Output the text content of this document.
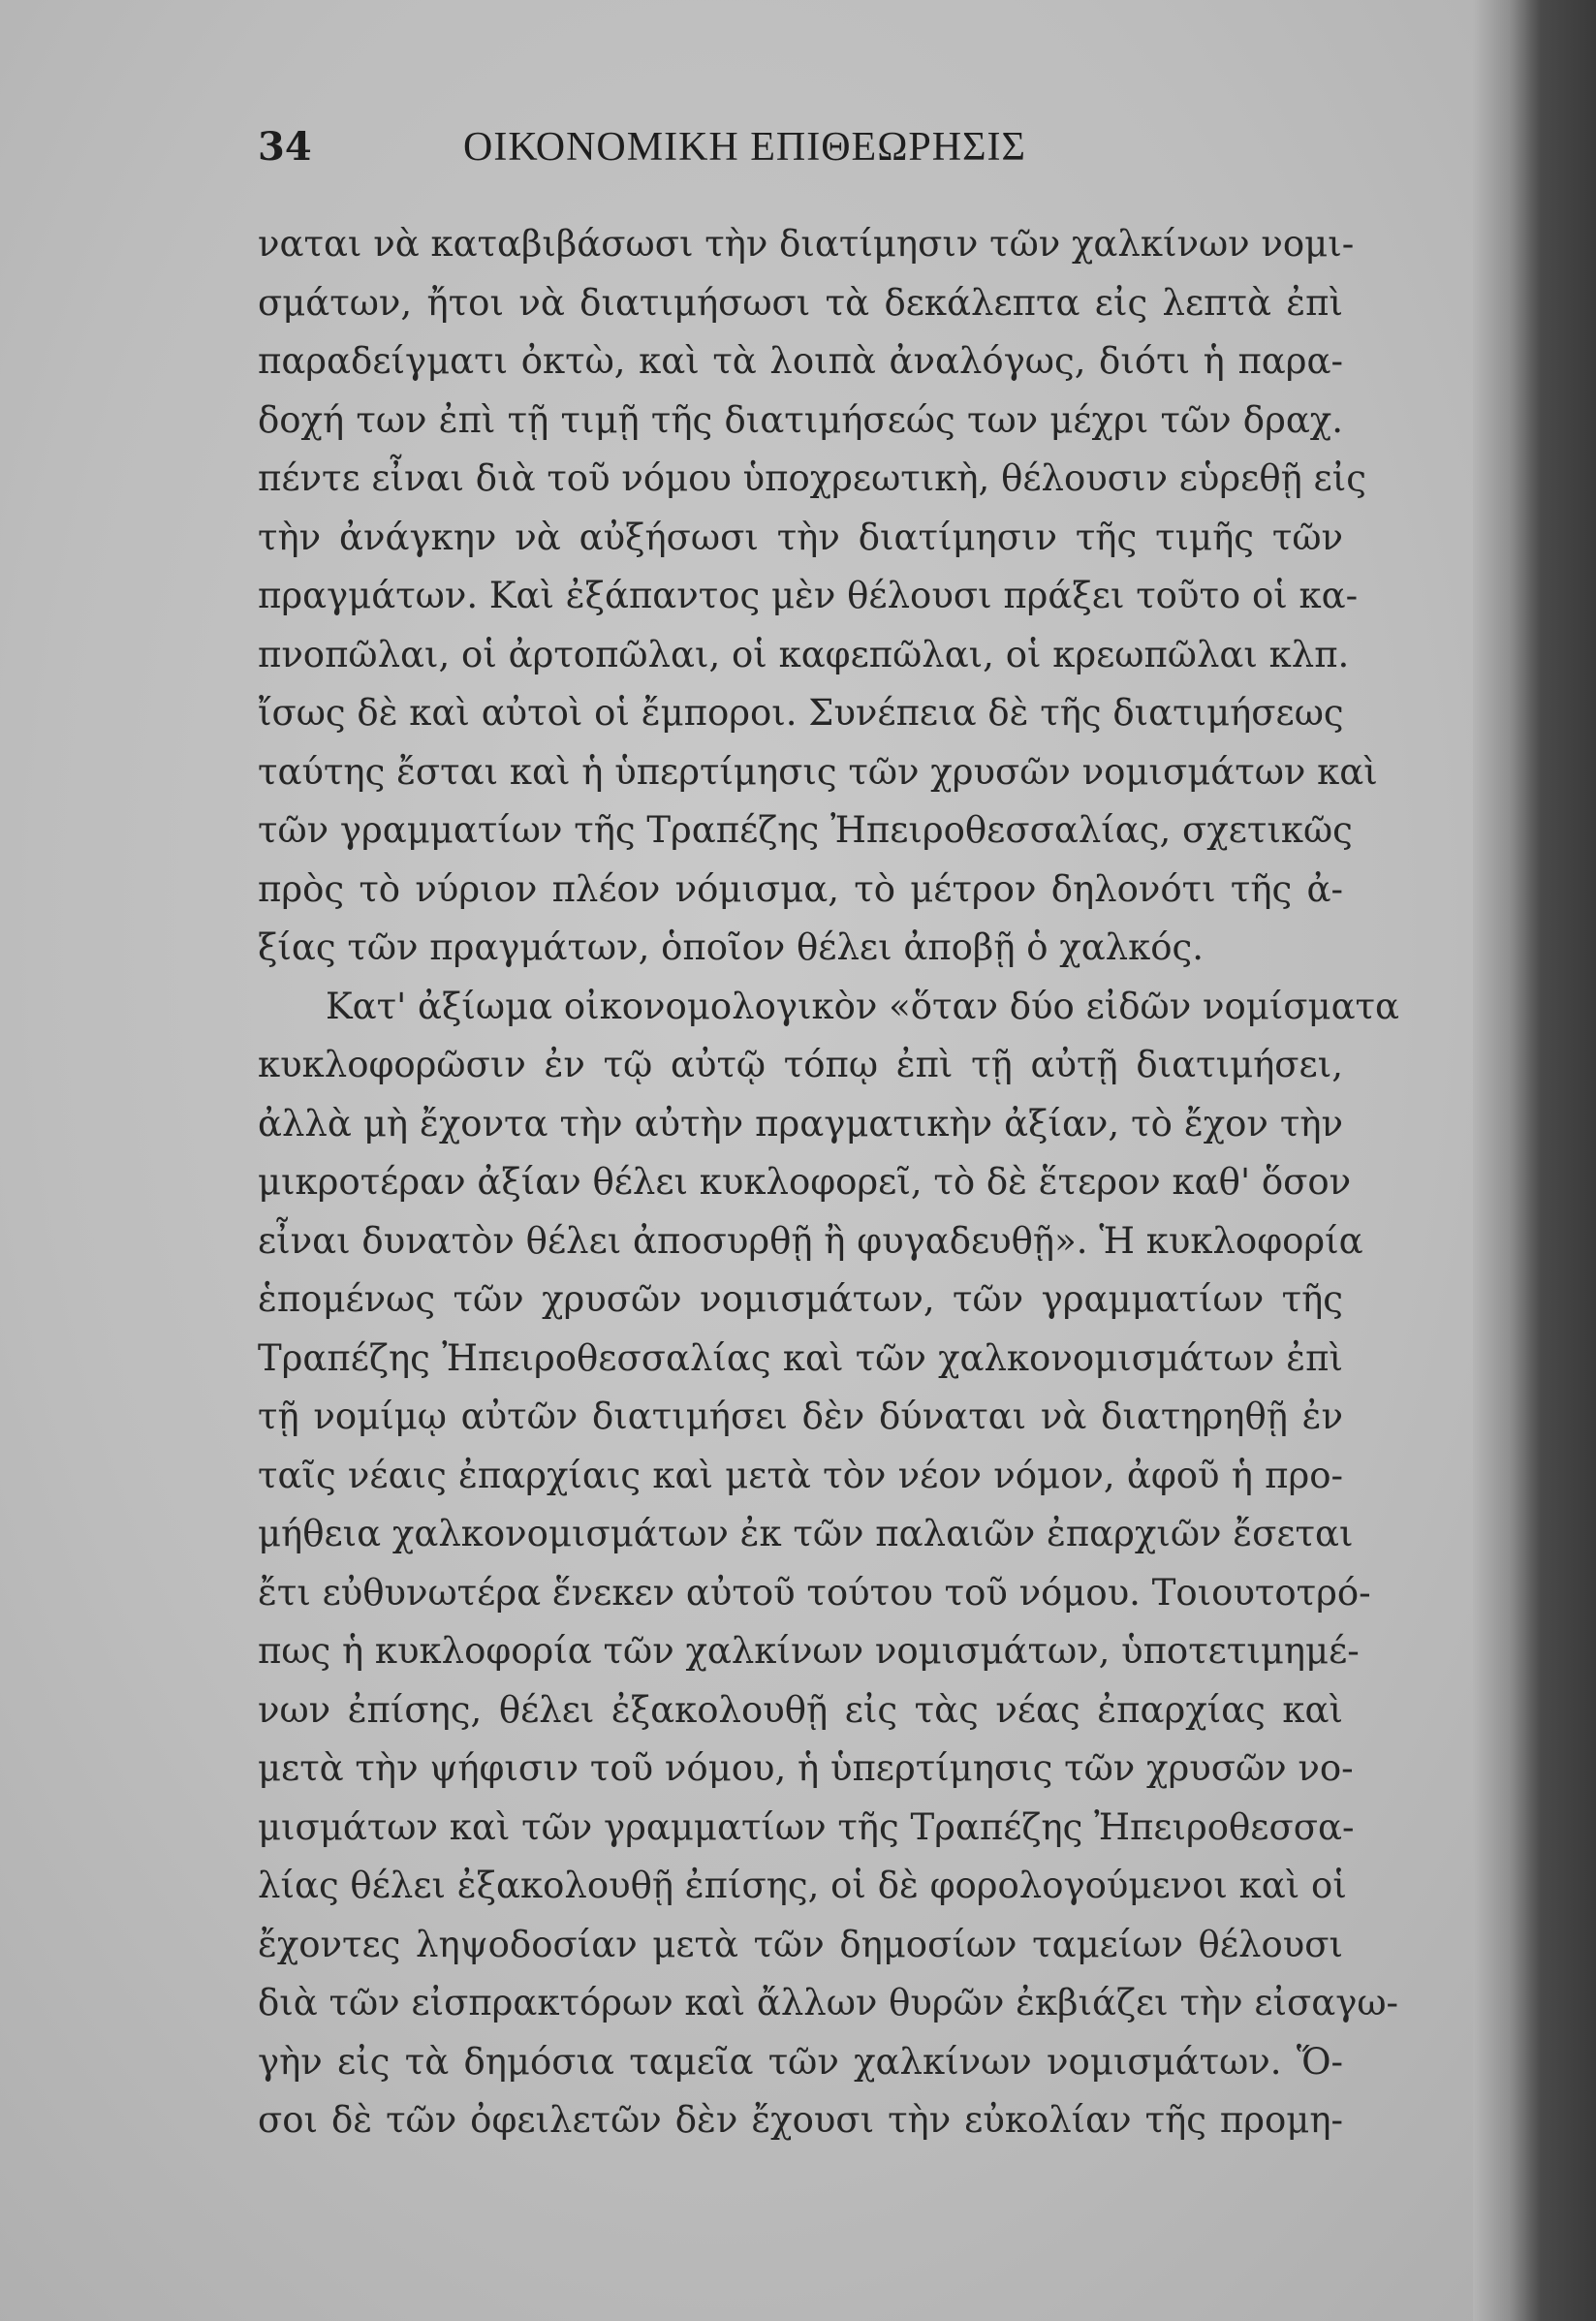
34	ΟΙΚΟΝΟΜΙΚΗ ΕΠΙΘΕΩΡΗΣΙΣ
ναται νὰ καταβιβάσωσι τὴν διατίμησιν τῶν χαλκίνων νομι-
σμάτων, ἤτοι νὰ διατιμήσωσι τὰ δεκάλεπτα εἰς λεπτὰ ἐπὶ
παραδείγματι ὀκτὼ, καὶ τὰ λοιπὰ ἀναλόγως, διότι ἡ παρα-
δοχή των ἐπὶ τῇ τιμῇ τῆς διατιμήσεώς των μέχρι τῶν δραχ.
πέντε εἶναι διὰ τοῦ νόμου ὑποχρεωτικὴ, θέλουσιν εὑρεθῇ εἰς
τὴν ἀνάγκην νὰ αὐξήσωσι τὴν διατίμησιν τῆς τιμῆς τῶν
πραγμάτων. Καὶ ἐξάπαντος μὲν θέλουσι πράξει τοῦτο οἱ κα-
πνοπῶλαι, οἱ ἀρτοπῶλαι, οἱ καφεπῶλαι, οἱ κρεωπῶλαι κλπ.
ἴσως δὲ καὶ αὐτοὶ οἱ ἔμποροι. Συνέπεια δὲ τῆς διατιμήσεως
ταύτης ἔσται καὶ ἡ ὑπερτίμησις τῶν χρυσῶν νομισμάτων καὶ
τῶν γραμματίων τῆς Τραπέζης Ἠπειροθεσσαλίας, σχετικῶς
πρὸς τὸ νύριον πλέον νόμισμα, τὸ μέτρον δηλονότι τῆς ἀ-
ξίας τῶν πραγμάτων, ὁποῖον θέλει ἀποβῇ ὁ χαλκός.
Κατ' ἀξίωμα οἰκονομολογικὸν «ὅταν δύο εἰδῶν νομίσματα
κυκλοφορῶσιν ἐν τῷ αὐτῷ τόπῳ ἐπὶ τῇ αὐτῇ διατιμήσει,
ἀλλὰ μὴ ἔχοντα τὴν αὐτὴν πραγματικὴν ἀξίαν, τὸ ἔχον τὴν
μικροτέραν ἀξίαν θέλει κυκλοφορεῖ, τὸ δὲ ἕτερον καθ' ὅσον
εἶναι δυνατὸν θέλει ἀποσυρθῇ ἢ φυγαδευθῇ». Ἡ κυκλοφορία
ἑπομένως τῶν χρυσῶν νομισμάτων, τῶν γραμματίων τῆς
Τραπέζης Ἠπειροθεσσαλίας καὶ τῶν χαλκονομισμάτων ἐπὶ
τῇ νομίμῳ αὐτῶν διατιμήσει δὲν δύναται νὰ διατηρηθῇ ἐν
ταῖς νέαις ἐπαρχίαις καὶ μετὰ τὸν νέον νόμον, ἀφοῦ ἡ προ-
μήθεια χαλκονομισμάτων ἐκ τῶν παλαιῶν ἐπαρχιῶν ἔσεται
ἔτι εὐθυνωτέρα ἕνεκεν αὐτοῦ τούτου τοῦ νόμου. Τοιουτοτρό-
πως ἡ κυκλοφορία τῶν χαλκίνων νομισμάτων, ὑποτετιμημέ-
νων ἐπίσης, θέλει ἐξακολουθῇ εἰς τὰς νέας ἐπαρχίας καὶ
μετὰ τὴν ψήφισιν τοῦ νόμου, ἡ ὑπερτίμησις τῶν χρυσῶν νο-
μισμάτων καὶ τῶν γραμματίων τῆς Τραπέζης Ἠπειροθεσσα-
λίας θέλει ἐξακολουθῇ ἐπίσης, οἱ δὲ φορολογούμενοι καὶ οἱ
ἔχοντες ληψοδοσίαν μετὰ τῶν δημοσίων ταμείων θέλουσι
διὰ τῶν εἰσπρακτόρων καὶ ἄλλων θυρῶν ἐκβιάζει τὴν εἰσαγω-
γὴν εἰς τὰ δημόσια ταμεῖα τῶν χαλκίνων νομισμάτων. Ὅ-
σοι δὲ τῶν ὀφειλετῶν δὲν ἔχουσι τὴν εὐκολίαν τῆς προμη-
